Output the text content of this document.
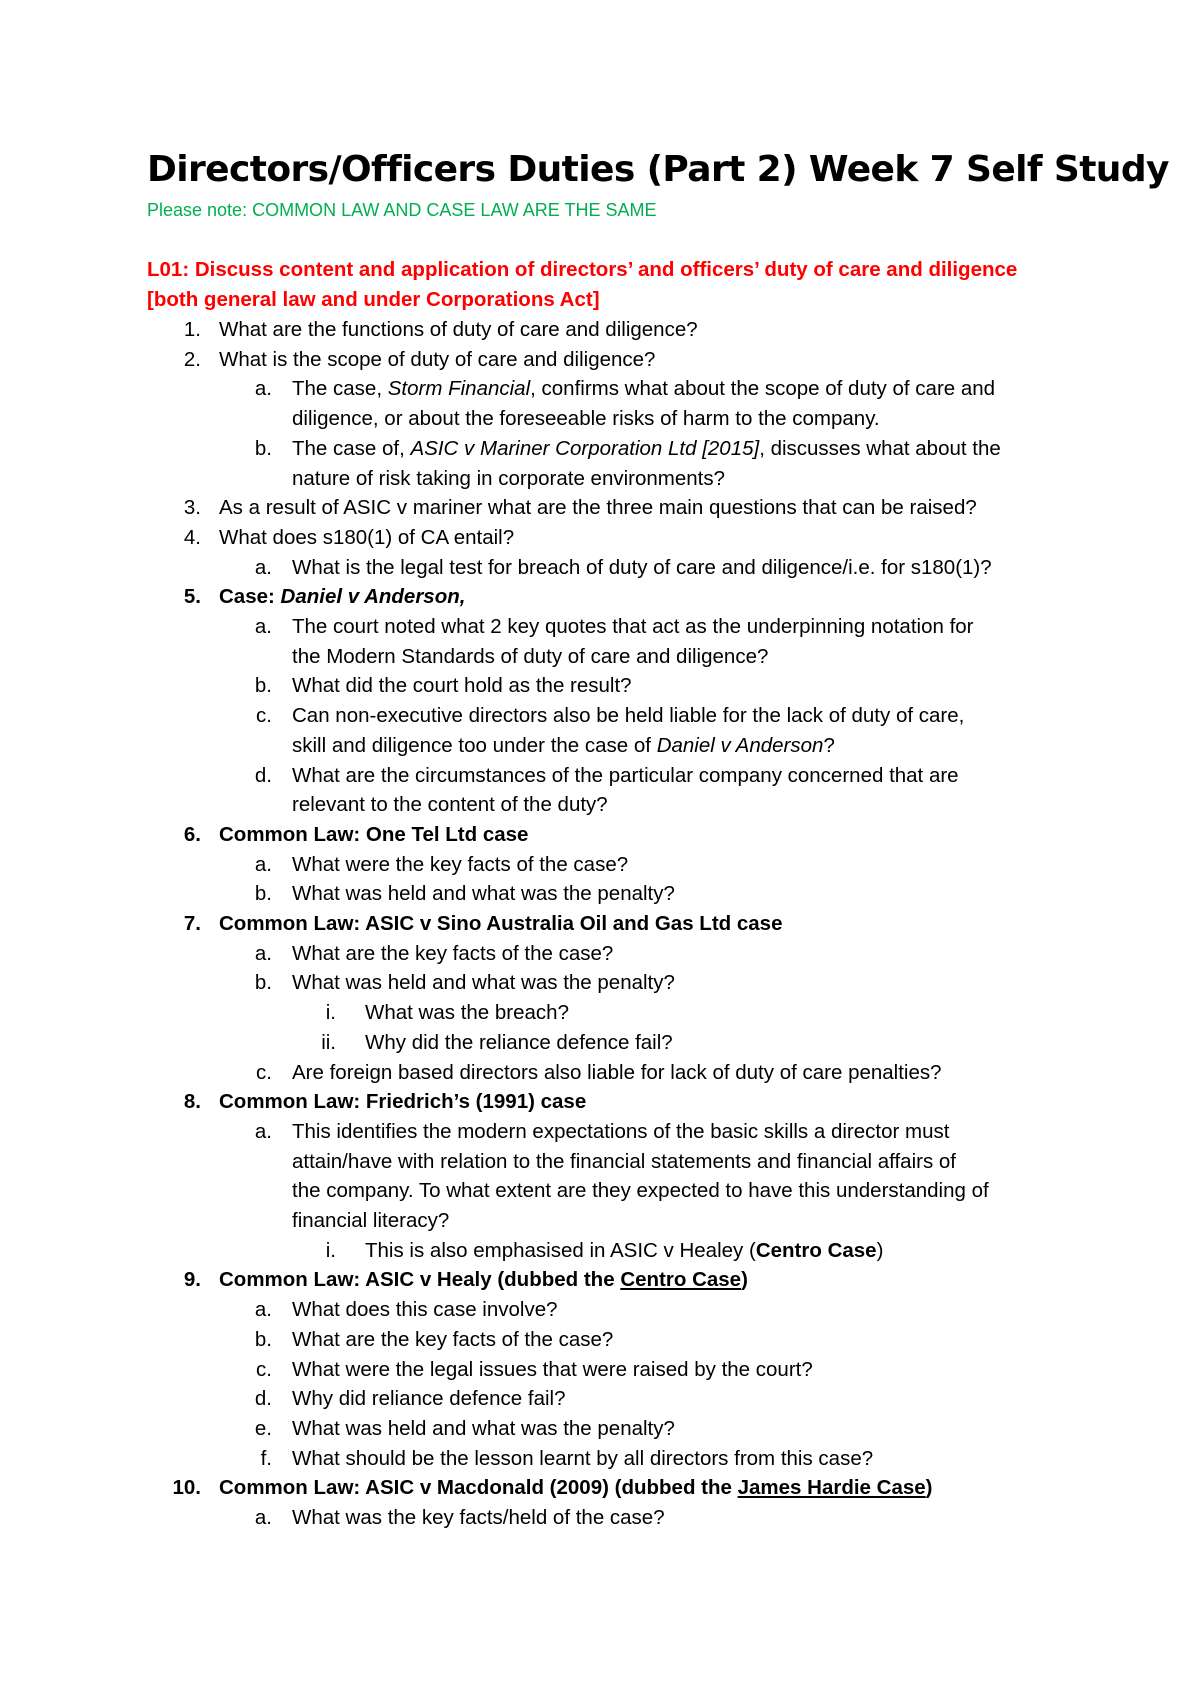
Directors/Officers Duties (Part 2) Week 7 Self Study
Please note: COMMON LAW AND CASE LAW ARE THE SAME
L01: Discuss content and application of directors’ and officers’ duty of care and diligence
[both general law and under Corporations Act]
1. What are the functions of duty of care and diligence?
2. What is the scope of duty of care and diligence?
a. The case, Storm Financial, confirms what about the scope of duty of care and
diligence, or about the foreseeable risks of harm to the company.
b. The case of, ASIC v Mariner Corporation Ltd [2015], discusses what about the
nature of risk taking in corporate environments?
3. As a result of ASIC v mariner what are the three main questions that can be raised?
4. What does s180(1) of CA entail?
a. What is the legal test for breach of duty of care and diligence/i.e. for s180(1)?
5. Case: Daniel v Anderson,
a. The court noted what 2 key quotes that act as the underpinning notation for
the Modern Standards of duty of care and diligence?
b. What did the court hold as the result?
c. Can non-executive directors also be held liable for the lack of duty of care,
skill and diligence too under the case of Daniel v Anderson?
d. What are the circumstances of the particular company concerned that are
relevant to the content of the duty?
6. Common Law: One Tel Ltd case
a. What were the key facts of the case?
b. What was held and what was the penalty?
7. Common Law: ASIC v Sino Australia Oil and Gas Ltd case
a. What are the key facts of the case?
b. What was held and what was the penalty?
i. What was the breach?
ii. Why did the reliance defence fail?
c. Are foreign based directors also liable for lack of duty of care penalties?
8. Common Law: Friedrich’s (1991) case
a. This identifies the modern expectations of the basic skills a director must
attain/have with relation to the financial statements and financial affairs of
the company. To what extent are they expected to have this understanding of
financial literacy?
i. This is also emphasised in ASIC v Healey (Centro Case)
9. Common Law: ASIC v Healy (dubbed the Centro Case)
a. What does this case involve?
b. What are the key facts of the case?
c. What were the legal issues that were raised by the court?
d. Why did reliance defence fail?
e. What was held and what was the penalty?
f. What should be the lesson learnt by all directors from this case?
10. Common Law: ASIC v Macdonald (2009) (dubbed the James Hardie Case)
a. What was the key facts/held of the case?
